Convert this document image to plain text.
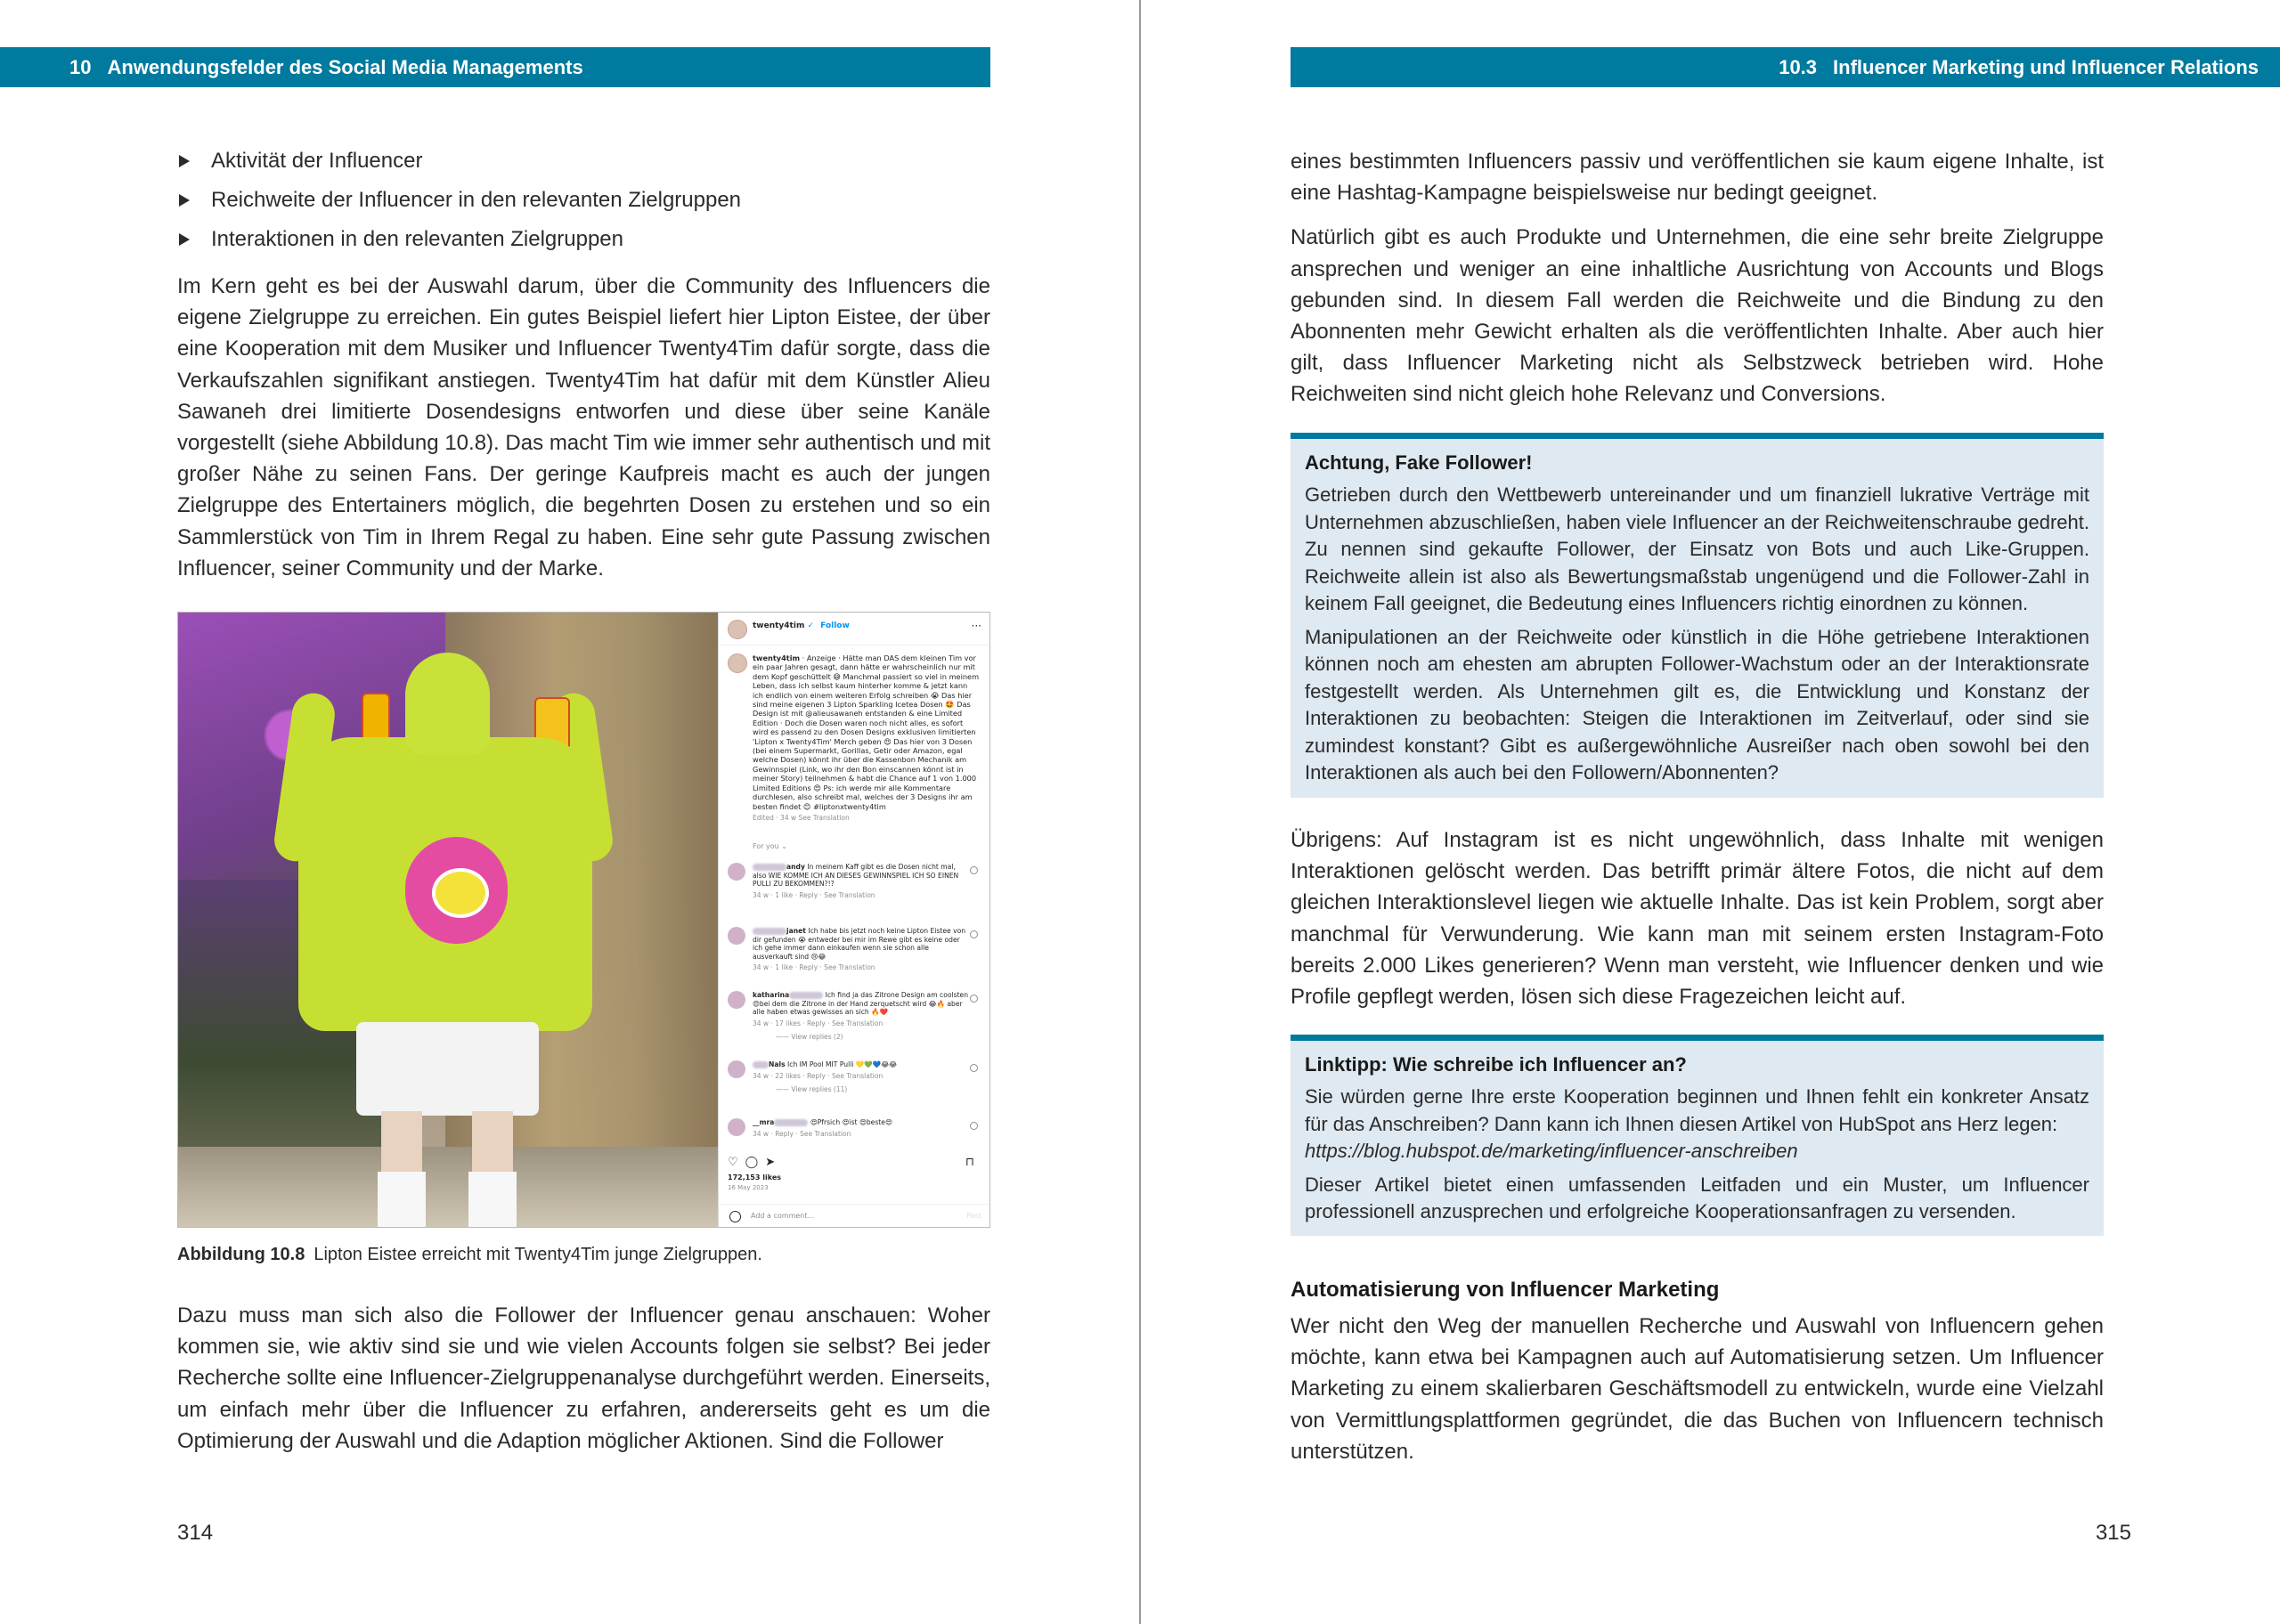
10 Anwendungsfelder des Social Media Managements
Aktivität der Influencer
Reichweite der Influencer in den relevanten Zielgruppen
Interaktionen in den relevanten Zielgruppen

Im Kern geht es bei der Auswahl darum, über die Community des Influencers die eigene Zielgruppe zu erreichen. Ein gutes Beispiel liefert hier Lipton Eistee, der über eine Kooperation mit dem Musiker und Influencer Twenty4Tim dafür sorgte, dass die Verkaufszahlen signifikant anstiegen. Twenty4Tim hat dafür mit dem Künstler Alieu Sawaneh drei limitierte Dosendesigns entworfen und diese über seine Kanäle vorgestellt (siehe Abbildung 10.8). Das macht Tim wie immer sehr authentisch und mit großer Nähe zu seinen Fans. Der geringe Kaufpreis macht es auch der jungen Zielgruppe des Entertainers möglich, die begehrten Dosen zu erstehen und so ein Sammlerstück von Tim in Ihrem Regal zu haben. Eine sehr gute Passung zwischen Influencer, seiner Community und der Marke.

twenty4tim ✓ Follow	···
twenty4tim · Anzeige · Hätte man DAS dem kleinen Tim vor ein paar Jahren gesagt, dann hätte er wahrscheinlich nur mit dem Kopf geschüttelt 😅 Manchmal passiert so viel in meinem Leben, dass ich selbst kaum hinterher komme & jetzt kann ich endlich von einem weiteren Erfolg schreiben 😭 Das hier sind meine eigenen 3 Lipton Sparkling Icetea Dosen 🤩 Das Design ist mit @alieusawaneh entstanden & eine Limited Edition · Doch die Dosen waren noch nicht alles, es sofort wird es passend zu den Dosen Designs exklusiven limitierten 'Lipton x Twenty4Tim' Merch geben 😍 Das hier von 3 Dosen (bei einem Supermarkt, Gorillas, Getir oder Amazon, egal welche Dosen) könnt ihr über die Kassenbon Mechanik am Gewinnspiel (Link, wo ihr den Bon einscannen könnt ist in meiner Story) teilnehmen & habt die Chance auf 1 von 1.000 Limited Editions 😍 Ps: ich werde mir alle Kommentare durchlesen, also schreibt mal, welches der 3 Designs ihr am besten findet 😊 #liptonxtwenty4tim
Edited · 34 w See Translation
For you ⌄
andy In meinem Kaff gibt es die Dosen nicht mal, also WIE KOMME ICH AN DIESES GEWINNSPIEL ICH SO EINEN PULLI ZU BEKOMMEN?!?
34 w · 1 like · Reply · See Translation
janet Ich habe bis jetzt noch keine Lipton Eistee von dir gefunden 😭 entweder bei mir im Rewe gibt es keine oder ich gehe immer dann einkaufen wenn sie schon alle ausverkauft sind 😢😂
34 w · 1 like · Reply · See Translation
katharina	Ich find ja das Zitrone Design am coolsten 😍bei dem die Zitrone in der Hand zerquetscht wird 😂🔥 aber alle haben etwas gewisses an sich 🔥❤️
34 w · 17 likes · Reply · See Translation
—— View replies (2)
Nals Ich IM Pool MIT Pulli 💛💚💙😂😂
34 w · 22 likes · Reply · See Translation
—— View replies (11)
__mra	😍Pfrsich 😍ist 😍beste😍
34 w · Reply · See Translation
♡ ◯ ➤	⊓
172,153 likes
16 May 2023
Add a comment...	Post
Abbildung 10.8 Lipton Eistee erreicht mit Twenty4Tim junge Zielgruppen.

Dazu muss man sich also die Follower der Influencer genau anschauen: Woher kommen sie, wie aktiv sind sie und wie vielen Accounts folgen sie selbst? Bei jeder Recherche sollte eine Influencer-Zielgruppenanalyse durchgeführt werden. Einerseits, um einfach mehr über die Influencer zu erfahren, andererseits geht es um die Optimierung der Auswahl und die Adaption möglicher Aktionen. Sind die Follower

314
10.3 Influencer Marketing und Influencer Relations

eines bestimmten Influencers passiv und veröffentlichen sie kaum eigene Inhalte, ist eine Hashtag-Kampagne beispielsweise nur bedingt geeignet.

Natürlich gibt es auch Produkte und Unternehmen, die eine sehr breite Zielgruppe ansprechen und weniger an eine inhaltliche Ausrichtung von Accounts und Blogs gebunden sind. In diesem Fall werden die Reichweite und die Bindung zu den Abonnenten mehr Gewicht erhalten als die veröffentlichten Inhalte. Aber auch hier gilt, dass Influencer Marketing nicht als Selbstzweck betrieben wird. Hohe Reichweiten sind nicht gleich hohe Relevanz und Conversions.

Achtung, Fake Follower!

Getrieben durch den Wettbewerb untereinander und um finanziell lukrative Verträge mit Unternehmen abzuschließen, haben viele Influencer an der Reichweitenschraube gedreht. Zu nennen sind gekaufte Follower, der Einsatz von Bots und auch Like-Gruppen. Reichweite allein ist also als Bewertungsmaßstab ungenügend und die Follower-Zahl in keinem Fall geeignet, die Bedeutung eines Influencers richtig einordnen zu können.

Manipulationen an der Reichweite oder künstlich in die Höhe getriebene Interaktionen können noch am ehesten am abrupten Follower-Wachstum oder an der Interaktionsrate festgestellt werden. Als Unternehmen gilt es, die Entwicklung und Konstanz der Interaktionen zu beobachten: Steigen die Interaktionen im Zeitverlauf, oder sind sie zumindest konstant? Gibt es außergewöhnliche Ausreißer nach oben sowohl bei den Interaktionen als auch bei den Followern/Abonnenten?

Übrigens: Auf Instagram ist es nicht ungewöhnlich, dass Inhalte mit wenigen Interaktionen gelöscht werden. Das betrifft primär ältere Fotos, die nicht auf dem gleichen Interaktionslevel liegen wie aktuelle Inhalte. Das ist kein Problem, sorgt aber manchmal für Verwunderung. Wie kann man mit seinem ersten Instagram-Foto bereits 2.000 Likes generieren? Wenn man versteht, wie Influencer denken und wie Profile gepflegt werden, lösen sich diese Fragezeichen leicht auf.

Linktipp: Wie schreibe ich Influencer an?

Sie würden gerne Ihre erste Kooperation beginnen und Ihnen fehlt ein konkreter Ansatz für das Anschreiben? Dann kann ich Ihnen diesen Artikel von HubSpot ans Herz legen:
https://blog.hubspot.de/marketing/influencer-anschreiben

Dieser Artikel bietet einen umfassenden Leitfaden und ein Muster, um Influencer professionell anzusprechen und erfolgreiche Kooperationsanfragen zu versenden.

Automatisierung von Influencer Marketing

Wer nicht den Weg der manuellen Recherche und Auswahl von Influencern gehen möchte, kann etwa bei Kampagnen auch auf Automatisierung setzen. Um Influencer Marketing zu einem skalierbaren Geschäftsmodell zu entwickeln, wurde eine Vielzahl von Vermittlungsplattformen gegründet, die das Buchen von Influencern technisch unterstützen.

315
